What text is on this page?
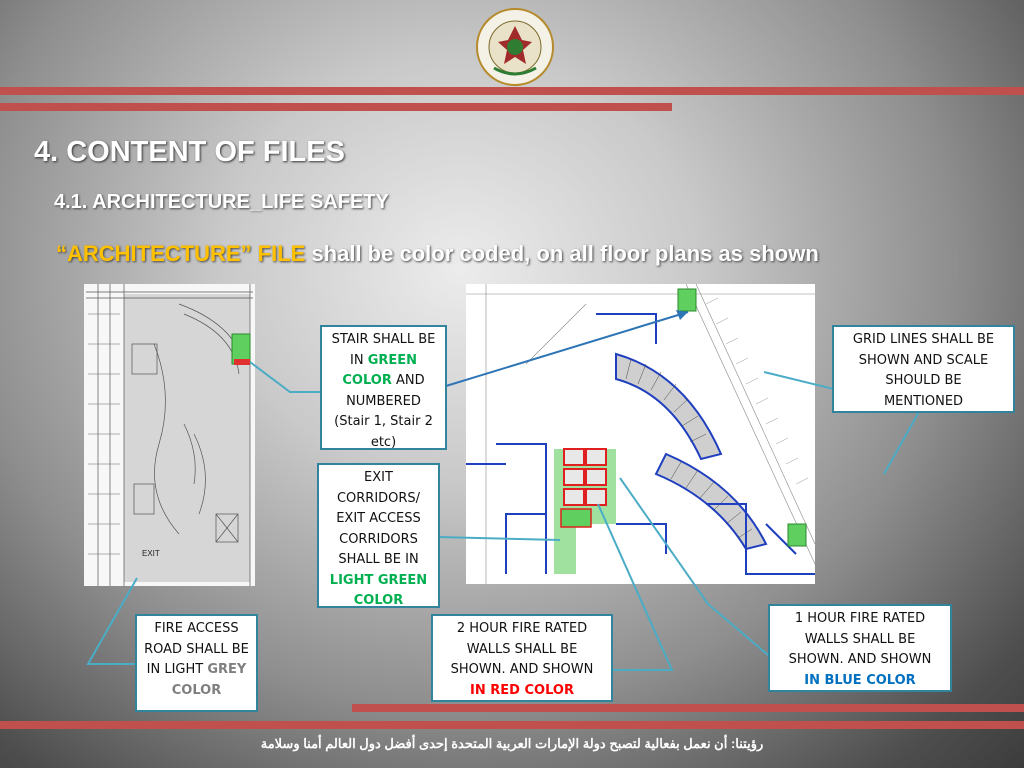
4. CONTENT OF FILES
4.1. ARCHITECTURE_LIFE SAFETY
“ARCHITECTURE” FILE shall be color coded, on all floor plans as shown
EXIT
STAIR SHALL BE
IN GREEN
COLOR AND
NUMBERED
(Stair 1, Stair 2
etc)
EXIT
CORRIDORS/
EXIT ACCESS
CORRIDORS
SHALL BE IN
LIGHT GREEN
COLOR
GRID LINES SHALL BE
SHOWN AND SCALE
SHOULD BE
MENTIONED
FIRE ACCESS
ROAD SHALL BE
IN LIGHT GREY
COLOR
2 HOUR FIRE RATED
WALLS SHALL BE
SHOWN. AND SHOWN
IN RED COLOR
1 HOUR FIRE RATED
WALLS SHALL BE
SHOWN. AND SHOWN
IN BLUE COLOR
رؤيتنا: أن نعمل بفعالية لتصبح دولة الإمارات العربية المتحدة إحدى أفضل دول العالم أمنا وسلامة
